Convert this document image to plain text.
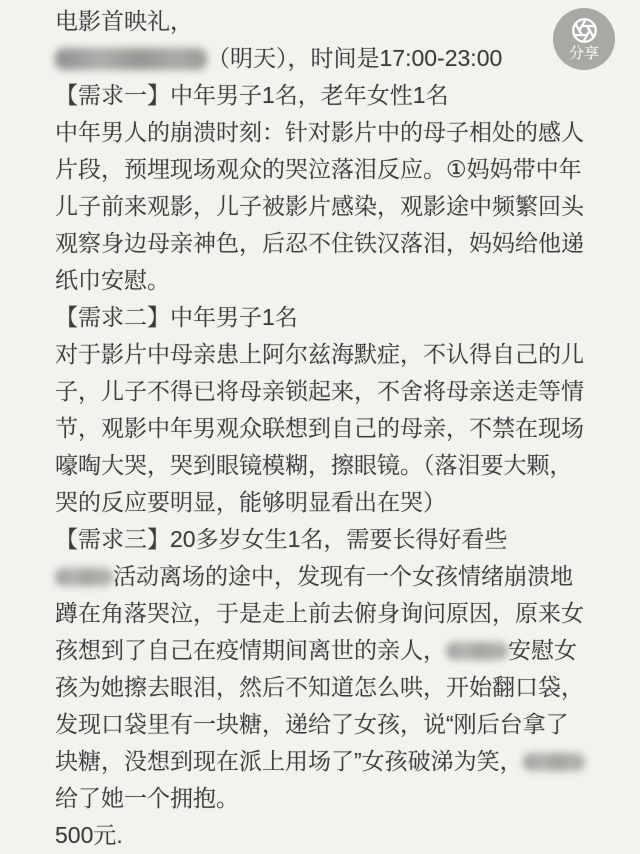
电影首映礼，

（明天），时间是17:00-23:00

【需求一】中年男子1名，老年女性1名

中年男人的崩溃时刻：针对影片中的母子相处的感人片段，预埋现场观众的哭泣落泪反应。①妈妈带中年儿子前来观影，儿子被影片感染，观影途中频繁回头观察身边母亲神色，后忍不住铁汉落泪，妈妈给他递纸巾安慰。

【需求二】中年男子1名

对于影片中母亲患上阿尔兹海默症，不认得自己的儿子，儿子不得已将母亲锁起来，不舍将母亲送走等情节，观影中年男观众联想到自己的母亲，不禁在现场嚎啕大哭，哭到眼镜模糊，擦眼镜。（落泪要大颗，哭的反应要明显，能够明显看出在哭）

【需求三】20多岁女生1名，需要长得好看些

活动离场的途中，发现有一个女孩情绪崩溃地蹲在角落哭泣，于是走上前去俯身询问原因，原来女孩想到了自己在疫情期间离世的亲人，	安慰女孩为她擦去眼泪，然后不知道怎么哄，开始翻口袋，发现口袋里有一块糖，递给了女孩，说“刚后台拿了块糖，没想到现在派上用场了”女孩破涕为笑，给了她一个拥抱。

500元.

分享
